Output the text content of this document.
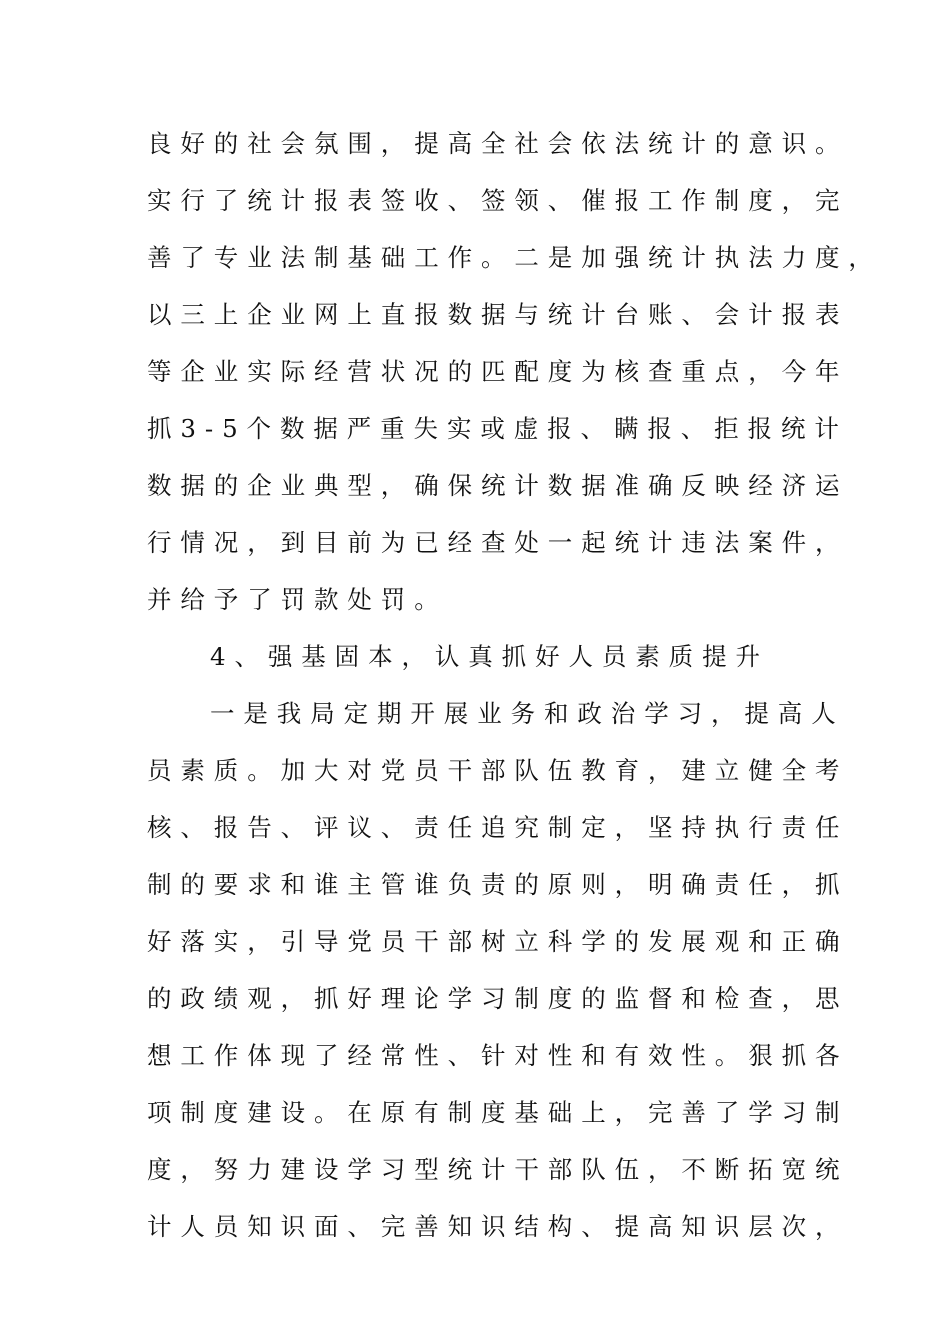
良好的社会氛围，提高全社会依法统计的意识。
实行了统计报表签收、签领、催报工作制度，完
善了专业法制基础工作。二是加强统计执法力度，
以三上企业网上直报数据与统计台账、会计报表
等企业实际经营状况的匹配度为核查重点，今年
抓3-5个数据严重失实或虚报、瞒报、拒报统计
数据的企业典型，确保统计数据准确反映经济运
行情况，到目前为已经查处一起统计违法案件，
并给予了罚款处罚。
4、强基固本，认真抓好人员素质提升
一是我局定期开展业务和政治学习，提高人
员素质。加大对党员干部队伍教育，建立健全考
核、报告、评议、责任追究制定，坚持执行责任
制的要求和谁主管谁负责的原则，明确责任，抓
好落实，引导党员干部树立科学的发展观和正确
的政绩观，抓好理论学习制度的监督和检查，思
想工作体现了经常性、针对性和有效性。狠抓各
项制度建设。在原有制度基础上，完善了学习制
度，努力建设学习型统计干部队伍，不断拓宽统
计人员知识面、完善知识结构、提高知识层次，
